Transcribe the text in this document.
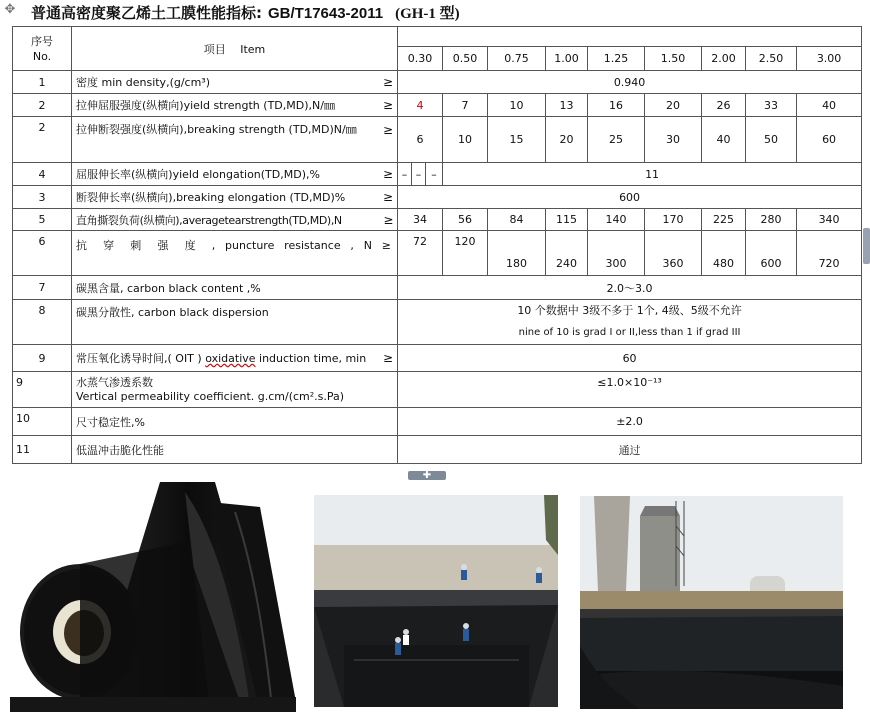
✥ 普通高密度聚乙烯土工膜性能指标: GB/T17643-2011 (GH-1 型)
序号
No.	项目　 Item											
		0.30			0.50	0.75	1.00	1.25	1.50	2.00	2.50	3.00
1	密度 min density,(g/cm³) ≥	0.940										
2	拉伸屈服强度(纵横向)yield strength (TD,MD),N/㎜ ≥	4			7	10	13	16	20	26	33	40
2	拉伸断裂强度(纵横向),breaking strength (TD,MD)N/㎜ ≥	6			10	15	20	25	30	40	50	60
4	屈服伸长率(纵横向)yield elongation(TD,MD),% ≥	–	–	–	11							
3	断裂伸长率(纵横向),breaking elongation (TD,MD)% ≥	600										
5	直角撕裂负荷(纵横向),averagetearstrength(TD,MD),N ≥	34			56	84	115	140	170	225	280	340
6	抗 穿 刺 强 度 , puncture resistance , N ≥	72			120	180	240	300	360	480	600	720
7	碳黑含量, carbon black content ,%	2.0～3.0										
8	碳黑分散性, carbon black dispersion	10 个数据中 3级不多于 1个, 4级、5级不允许
nine of 10 is grad I or II,less than 1 if grad III										

9	常压氧化诱导时间,( OIT ) oxidative induction time, min ≥	60										
9	水蒸气渗透系数
Vertical permeability coefficient. g.cm/(cm².s.Pa)	≤1.0×10⁻¹³										
10	尺寸稳定性,%	±2.0										
11	低温冲击脆化性能	通过										
✚
